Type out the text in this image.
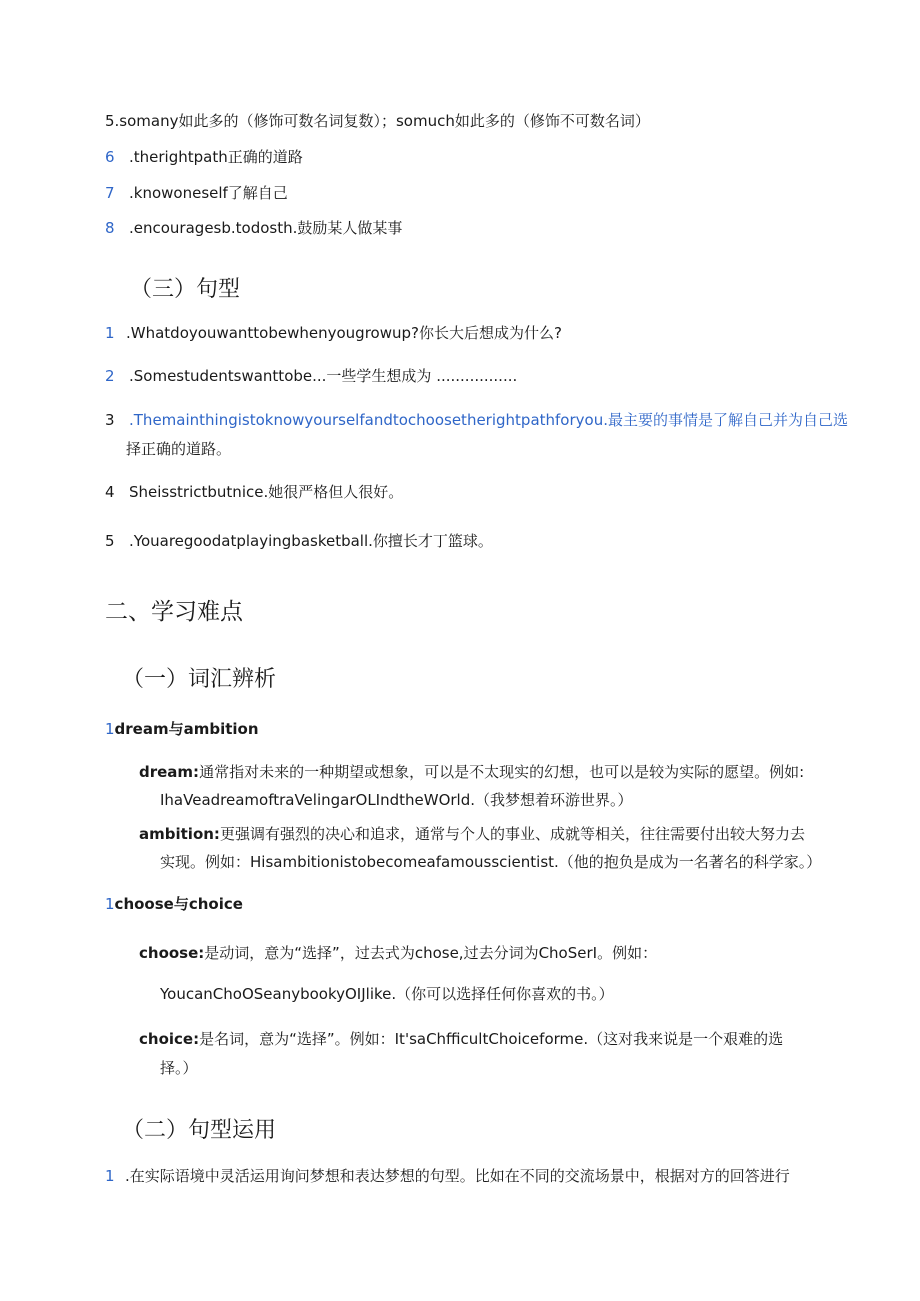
5.somany如此多的（修饰可数名词复数）；somuch如此多的（修饰不可数名词）
6 .therightpath正确的道路
7 .knowoneself了解自己
8 .encouragesb.todosth.鼓励某人做某事
（三）句型
1 .Whatdoyouwanttobewhenyougrowup?你长大后想成为什么?
2 .Somestudentswanttobe...一些学生想成为 .................
3 .Themainthingistoknowyourselfandtochoosetherightpathforyou.最主要的事情是了解自己并为自己选
择正确的道路。
4 Sheisstrictbutnice.她很严格但人很好。
5 .Youaregoodatplayingbasketball.你擅长才丁篮球。
二、学习难点
（一）词汇辨析
1dream与ambition
dream:通常指对未来的一种期望或想象，可以是不太现实的幻想，也可以是较为实际的愿望。例如:
IhaVeadreamoftraVelingarOLIndtheWOrld.（我梦想着环游世界。）
ambition:更强调有强烈的决心和追求，通常与个人的事业、成就等相关，往往需要付出较大努力去
实现。例如：Hisambitionistobecomeafamousscientist.（他的抱负是成为一名著名的科学家。）
1choose与choice
choose:是动词，意为“选择”，过去式为chose,过去分词为ChoSerI。例如：
YoucanChoOSeanybookyOIJlike.（你可以选择任何你喜欢的书。）
choice:是名词，意为“选择”。例如：It'saChfficultChoiceforme.（这对我来说是一个艰难的选
择。）
（二）句型运用
1 .在实际语境中灵活运用询问梦想和表达梦想的句型。比如在不同的交流场景中，根据对方的回答进行
